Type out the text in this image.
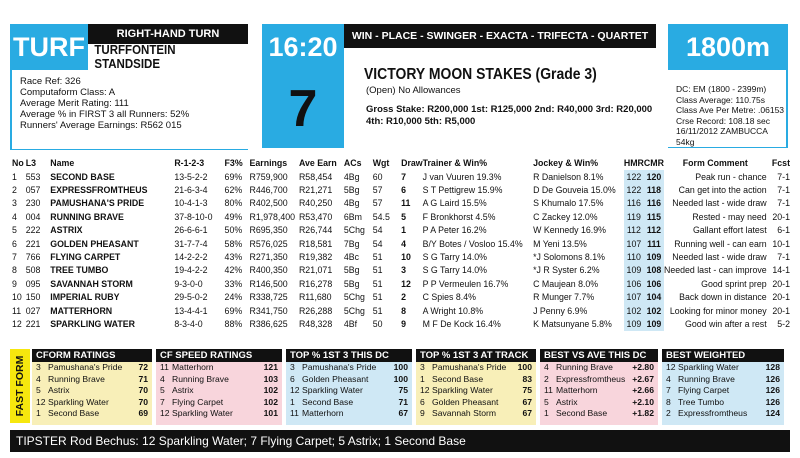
TURF	RIGHT-HAND TURN
TURFFONTEIN STANDSIDE
16:20
7
WIN - PLACE - SWINGER - EXACTA - TRIFECTA - QUARTET	1800m
Race Ref: 326
Computaform Class: A
Average Merit Rating: 111
Average % in FIRST 3 all Runners: 52%
Runners' Average Earnings: R562 015
VICTORY MOON STAKES (Grade 3)
(Open) No Allowances
Gross Stake: R200,000 1st: R125,000 2nd: R40,000 3rd: R20,000
4th: R10,000 5th: R5,000
DC: EM (1800 - 2399m)
Class Average: 110.75s
Class Ave Per Metre: .06153
Crse Record: 108.18 sec
16/11/2012 ZAMBUCCA 54kg
No	L3	Name	R-1-2-3	F3%	Earnings	Ave Earn	ACs	Wgt	Draw	Trainer & Win%	Jockey & Win%	HMR	CMR	Form Comment	Fcst
1	553	SECOND BASE	13-5-2-2	69%	R759,900	R58,454	4Bg	60	7	J van Vuuren 19.3%	R Danielson 8.1%	122	120	Peak run - chance	7-1
2	057	EXPRESSFROMTHEUS	21-6-3-4	62%	R446,700	R21,271	5Bg	57	6	S T Pettigrew 15.9%	D De Gouveia 15.0%	122	118	Can get into the action	7-1
3	230	PAMUSHANA'S PRIDE	10-4-1-3	80%	R402,500	R40,250	4Bg	57	11	A G Laird 15.5%	S Khumalo 17.5%	116	116	Needed last - wide draw	7-1
4	004	RUNNING BRAVE	37-8-10-0	49%	R1,978,400	R53,470	6Bm	54.5	5	F Bronkhorst 4.5%	C Zackey 12.0%	119	115	Rested - may need	20-1
5	222	ASTRIX	26-6-6-1	50%	R695,350	R26,744	5Chg	54	1	P A Peter 16.2%	W Kennedy 16.9%	112	112	Gallant effort latest	6-1
6	221	GOLDEN PHEASANT	31-7-7-4	58%	R576,025	R18,581	7Bg	54	4	B/Y Botes / Vosloo 15.4%	M Yeni 13.5%	107	111	Running well - can earn	10-1
7	766	FLYING CARPET	14-2-2-2	43%	R271,350	R19,382	4Bc	51	10	S G Tarry 14.0%	*J Solomons 8.1%	110	109	Needed last - wide draw	7-1
8	508	TREE TUMBO	19-4-2-2	42%	R400,350	R21,071	5Bg	51	3	S G Tarry 14.0%	*J R Syster 6.2%	109	108	Needed last - can improve	14-1
9	095	SAVANNAH STORM	9-3-0-0	33%	R146,500	R16,278	5Bg	51	12	P P Vermeulen 16.7%	C Maujean 8.0%	106	106	Good sprint prep	20-1
10	150	IMPERIAL RUBY	29-5-0-2	24%	R338,725	R11,680	5Chg	51	2	C Spies 8.4%	R Munger 7.7%	107	104	Back down in distance	20-1
11	027	MATTERHORN	13-4-4-1	69%	R341,750	R26,288	5Chg	51	8	A Wright 10.8%	J Penny 6.9%	102	102	Looking for minor money	20-1
12	221	SPARKLING WATER	8-3-4-0	88%	R386,625	R48,328	4Bf	50	9	M F De Kock 16.4%	K Matsunyane 5.8%	109	109	Good win after a rest	5-2
FAST FORM
CFORM RATINGS
3 Pamushana's Pride	72
4 Running Brave	71
5 Astrix	70
12 Sparkling Water	70
1 Second Base	69
CF SPEED RATINGS
11 Matterhorn	121
4 Running Brave	103
5 Astrix	102
7 Flying Carpet	102
12 Sparkling Water	101
TOP % 1ST 3 THIS DC
3 Pamushana's Pride	100
6 Golden Pheasant	100
12 Sparkling Water	75
1 Second Base	71
11 Matterhorn	67
TOP % 1ST 3 AT TRACK
3 Pamushana's Pride	100
1 Second Base	83
12 Sparkling Water	75
6 Golden Pheasant	67
9 Savannah Storm	67
BEST VS AVE THIS DC
4 Running Brave	+2.80
2 Expressfromtheus +2.67
11 Matterhorn	+2.66
5 Astrix	+2.10
1 Second Base	+1.82
BEST WEIGHTED
12 Sparkling Water	128
4 Running Brave	126
7 Flying Carpet	126
8 Tree Tumbo	126
2 Expressfromtheus	124
TIPSTER Rod Bechus: 12 Sparkling Water; 7 Flying Carpet; 5 Astrix; 1 Second Base
